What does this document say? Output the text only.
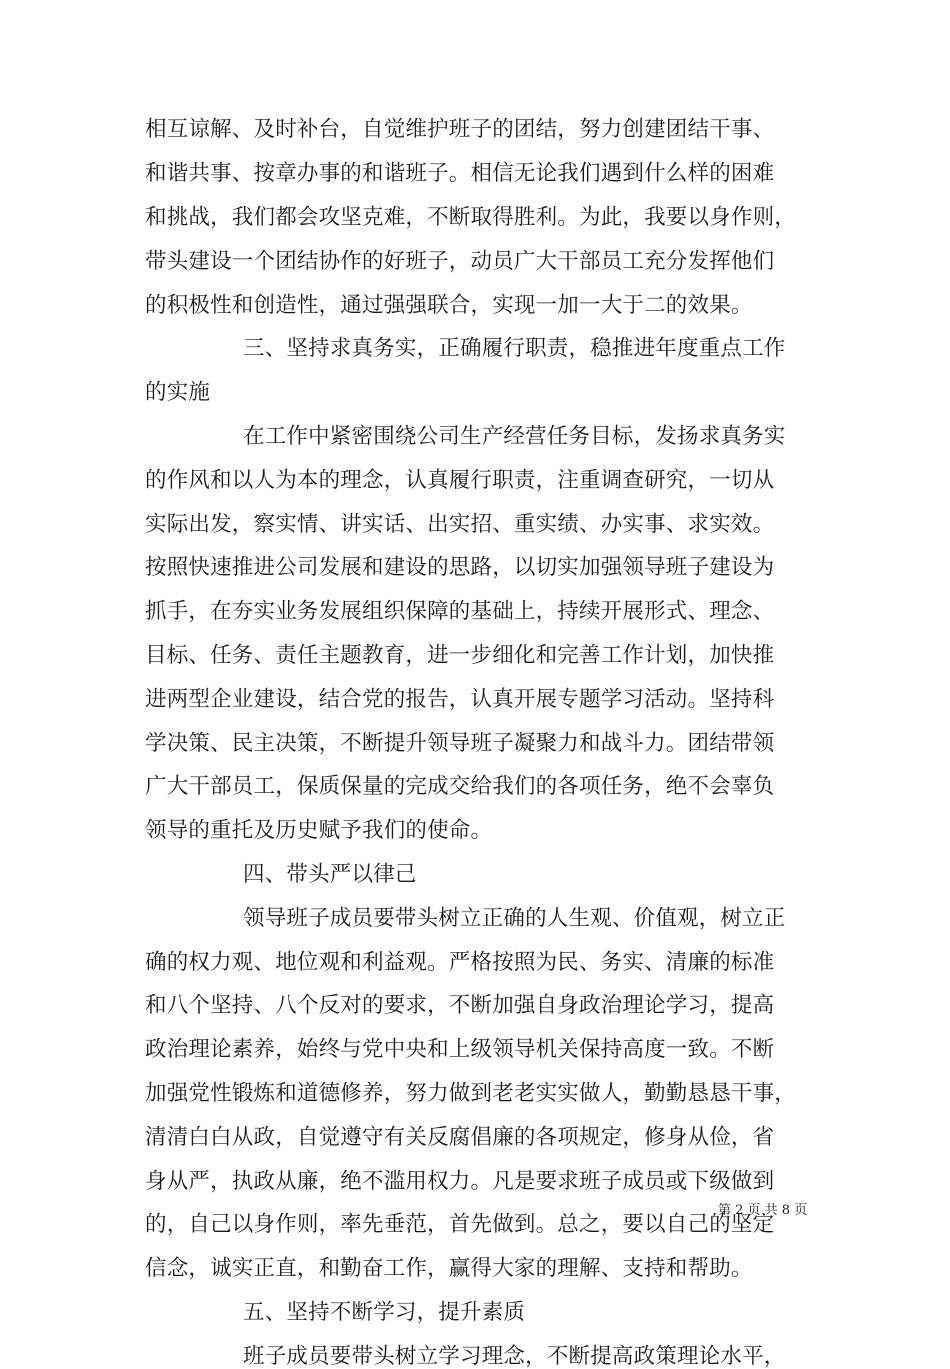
相互谅解、及时补台，自觉维护班子的团结，努力创建团结干事、
和谐共事、按章办事的和谐班子。相信无论我们遇到什么样的困难
和挑战，我们都会攻坚克难，不断取得胜利。为此，我要以身作则，
带头建设一个团结协作的好班子，动员广大干部员工充分发挥他们
的积极性和创造性，通过强强联合，实现一加一大于二的效果。
三、坚持求真务实，正确履行职责，稳推进年度重点工作
的实施
在工作中紧密围绕公司生产经营任务目标，发扬求真务实
的作风和以人为本的理念，认真履行职责，注重调查研究，一切从
实际出发，察实情、讲实话、出实招、重实绩、办实事、求实效。
按照快速推进公司发展和建设的思路，以切实加强领导班子建设为
抓手，在夯实业务发展组织保障的基础上，持续开展形式、理念、
目标、任务、责任主题教育，进一步细化和完善工作计划，加快推
进两型企业建设，结合党的报告，认真开展专题学习活动。坚持科
学决策、民主决策，不断提升领导班子凝聚力和战斗力。团结带领
广大干部员工，保质保量的完成交给我们的各项任务，绝不会辜负
领导的重托及历史赋予我们的使命。
四、带头严以律己
领导班子成员要带头树立正确的人生观、价值观，树立正
确的权力观、地位观和利益观。严格按照为民、务实、清廉的标准
和八个坚持、八个反对的要求，不断加强自身政治理论学习，提高
政治理论素养，始终与党中央和上级领导机关保持高度一致。不断
加强党性锻炼和道德修养，努力做到老老实实做人，勤勤恳恳干事，
清清白白从政，自觉遵守有关反腐倡廉的各项规定，修身从俭，省
身从严，执政从廉，绝不滥用权力。凡是要求班子成员或下级做到
的，自己以身作则，率先垂范，首先做到。总之，要以自己的坚定
信念，诚实正直，和勤奋工作，赢得大家的理解、支持和帮助。
五、坚持不断学习，提升素质
班子成员要带头树立学习理念，不断提高政策理论水平，
第 2 页 共 8 页
